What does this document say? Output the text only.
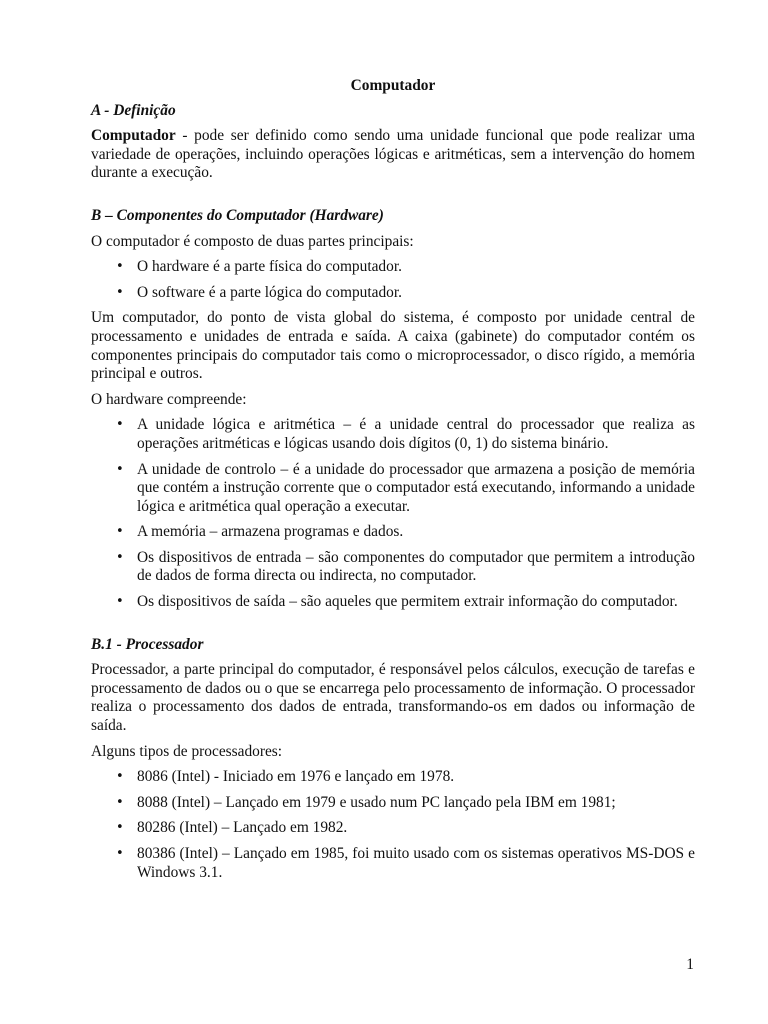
Computador

A - Definição

Computador - pode ser definido como sendo uma unidade funcional que pode realizar uma variedade de operações, incluindo operações lógicas e aritméticas, sem a intervenção do homem durante a execução.

B – Componentes do Computador (Hardware)

O computador é composto de duas partes principais:

• O hardware é a parte física do computador.
• O software é a parte lógica do computador.

Um computador, do ponto de vista global do sistema, é composto por unidade central de processamento e unidades de entrada e saída. A caixa (gabinete) do computador contém os componentes principais do computador tais como o microprocessador, o disco rígido, a memória principal e outros.

O hardware compreende:

• A unidade lógica e aritmética – é a unidade central do processador que realiza as operações aritméticas e lógicas usando dois dígitos (0, 1) do sistema binário.
• A unidade de controlo – é a unidade do processador que armazena a posição de memória que contém a instrução corrente que o computador está executando, informando a unidade lógica e aritmética qual operação a executar.
• A memória – armazena programas e dados.
• Os dispositivos de entrada – são componentes do computador que permitem a introdução de dados de forma directa ou indirecta, no computador.
• Os dispositivos de saída – são aqueles que permitem extrair informação do computador.

B.1 - Processador

Processador, a parte principal do computador, é responsável pelos cálculos, execução de tarefas e processamento de dados ou o que se encarrega pelo processamento de informação. O processador realiza o processamento dos dados de entrada, transformando-os em dados ou informação de saída.

Alguns tipos de processadores:

• 8086 (Intel) - Iniciado em 1976 e lançado em 1978.
• 8088 (Intel) – Lançado em 1979 e usado num PC lançado pela IBM em 1981;
• 80286 (Intel) – Lançado em 1982.
• 80386 (Intel) – Lançado em 1985, foi muito usado com os sistemas operativos MS-DOS e Windows 3.1.
1
